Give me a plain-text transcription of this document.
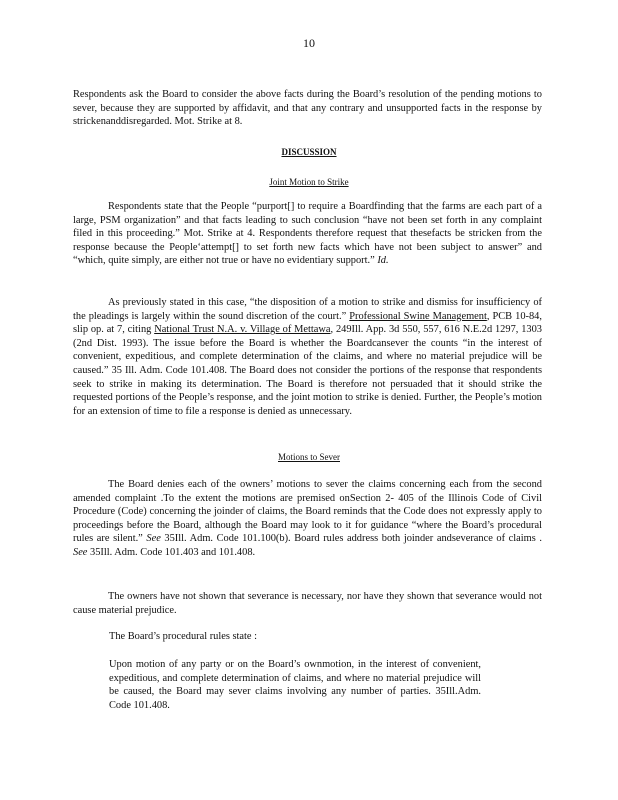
10

Respondents ask the Board to consider the above facts during the Board’s resolution of the pending motions to sever, because they are supported by affidavit, and that any contrary and unsupported facts in the response by strickenanddisregarded. Mot. Strike at 8.

DISCUSSION
Joint Motion to Strike

Respondents state that the People “purport[] to require a Boardfinding that the farms are each part of a large, PSM organization” and that facts leading to such conclusion “have not been set forth in any complaint filed in this proceeding.” Mot. Strike at 4. Respondents therefore request that thesefacts be stricken from the response because the People‘attempt[] to set forth new facts which have not been subject to answer” and “which, quite simply, are either not true or have no evidentiary support.” Id.

As previously stated in this case, “the disposition of a motion to strike and dismiss for insufficiency of the pleadings is largely within the sound discretion of the court.” Professional Swine Management, PCB 10-84, slip op. at 7, citing National Trust N.A. v. Village of Mettawa, 249Ill. App. 3d 550, 557, 616 N.E.2d 1297, 1303 (2nd Dist. 1993). The issue before the Board is whether the Boardcansever the counts “in the interest of convenient, expeditious, and complete determination of the claims, and where no material prejudice will be caused.” 35 Ill. Adm. Code 101.408. The Board does not consider the portions of the response that respondents seek to strike in making its determination. The Board is therefore not persuaded that it should strike the requested portions of the People’s response, and the joint motion to strike is denied. Further, the People’s motion for an extension of time to file a response is denied as unnecessary.

Motions to Sever

The Board denies each of the owners’ motions to sever the claims concerning each from the second amended complaint .To the extent the motions are premised onSection 2- 405 of the Illinois Code of Civil Procedure (Code) concerning the joinder of claims, the Board reminds that the Code does not expressly apply to proceedings before the Board, although the Board may look to it for guidance “where the Board’s procedural rules are silent.” See 35Ill. Adm. Code 101.100(b). Board rules address both joinder andseverance of claims . See 35Ill. Adm. Code 101.403 and 101.408.

The owners have not shown that severance is necessary, nor have they shown that severance would not cause material prejudice.

The Board’s procedural rules state :

Upon motion of any party or on the Board’s ownmotion, in the interest of convenient, expeditious, and complete determination of claims, and where no material prejudice will be caused, the Board may sever claims involving any number of parties. 35Ill.Adm. Code 101.408.
